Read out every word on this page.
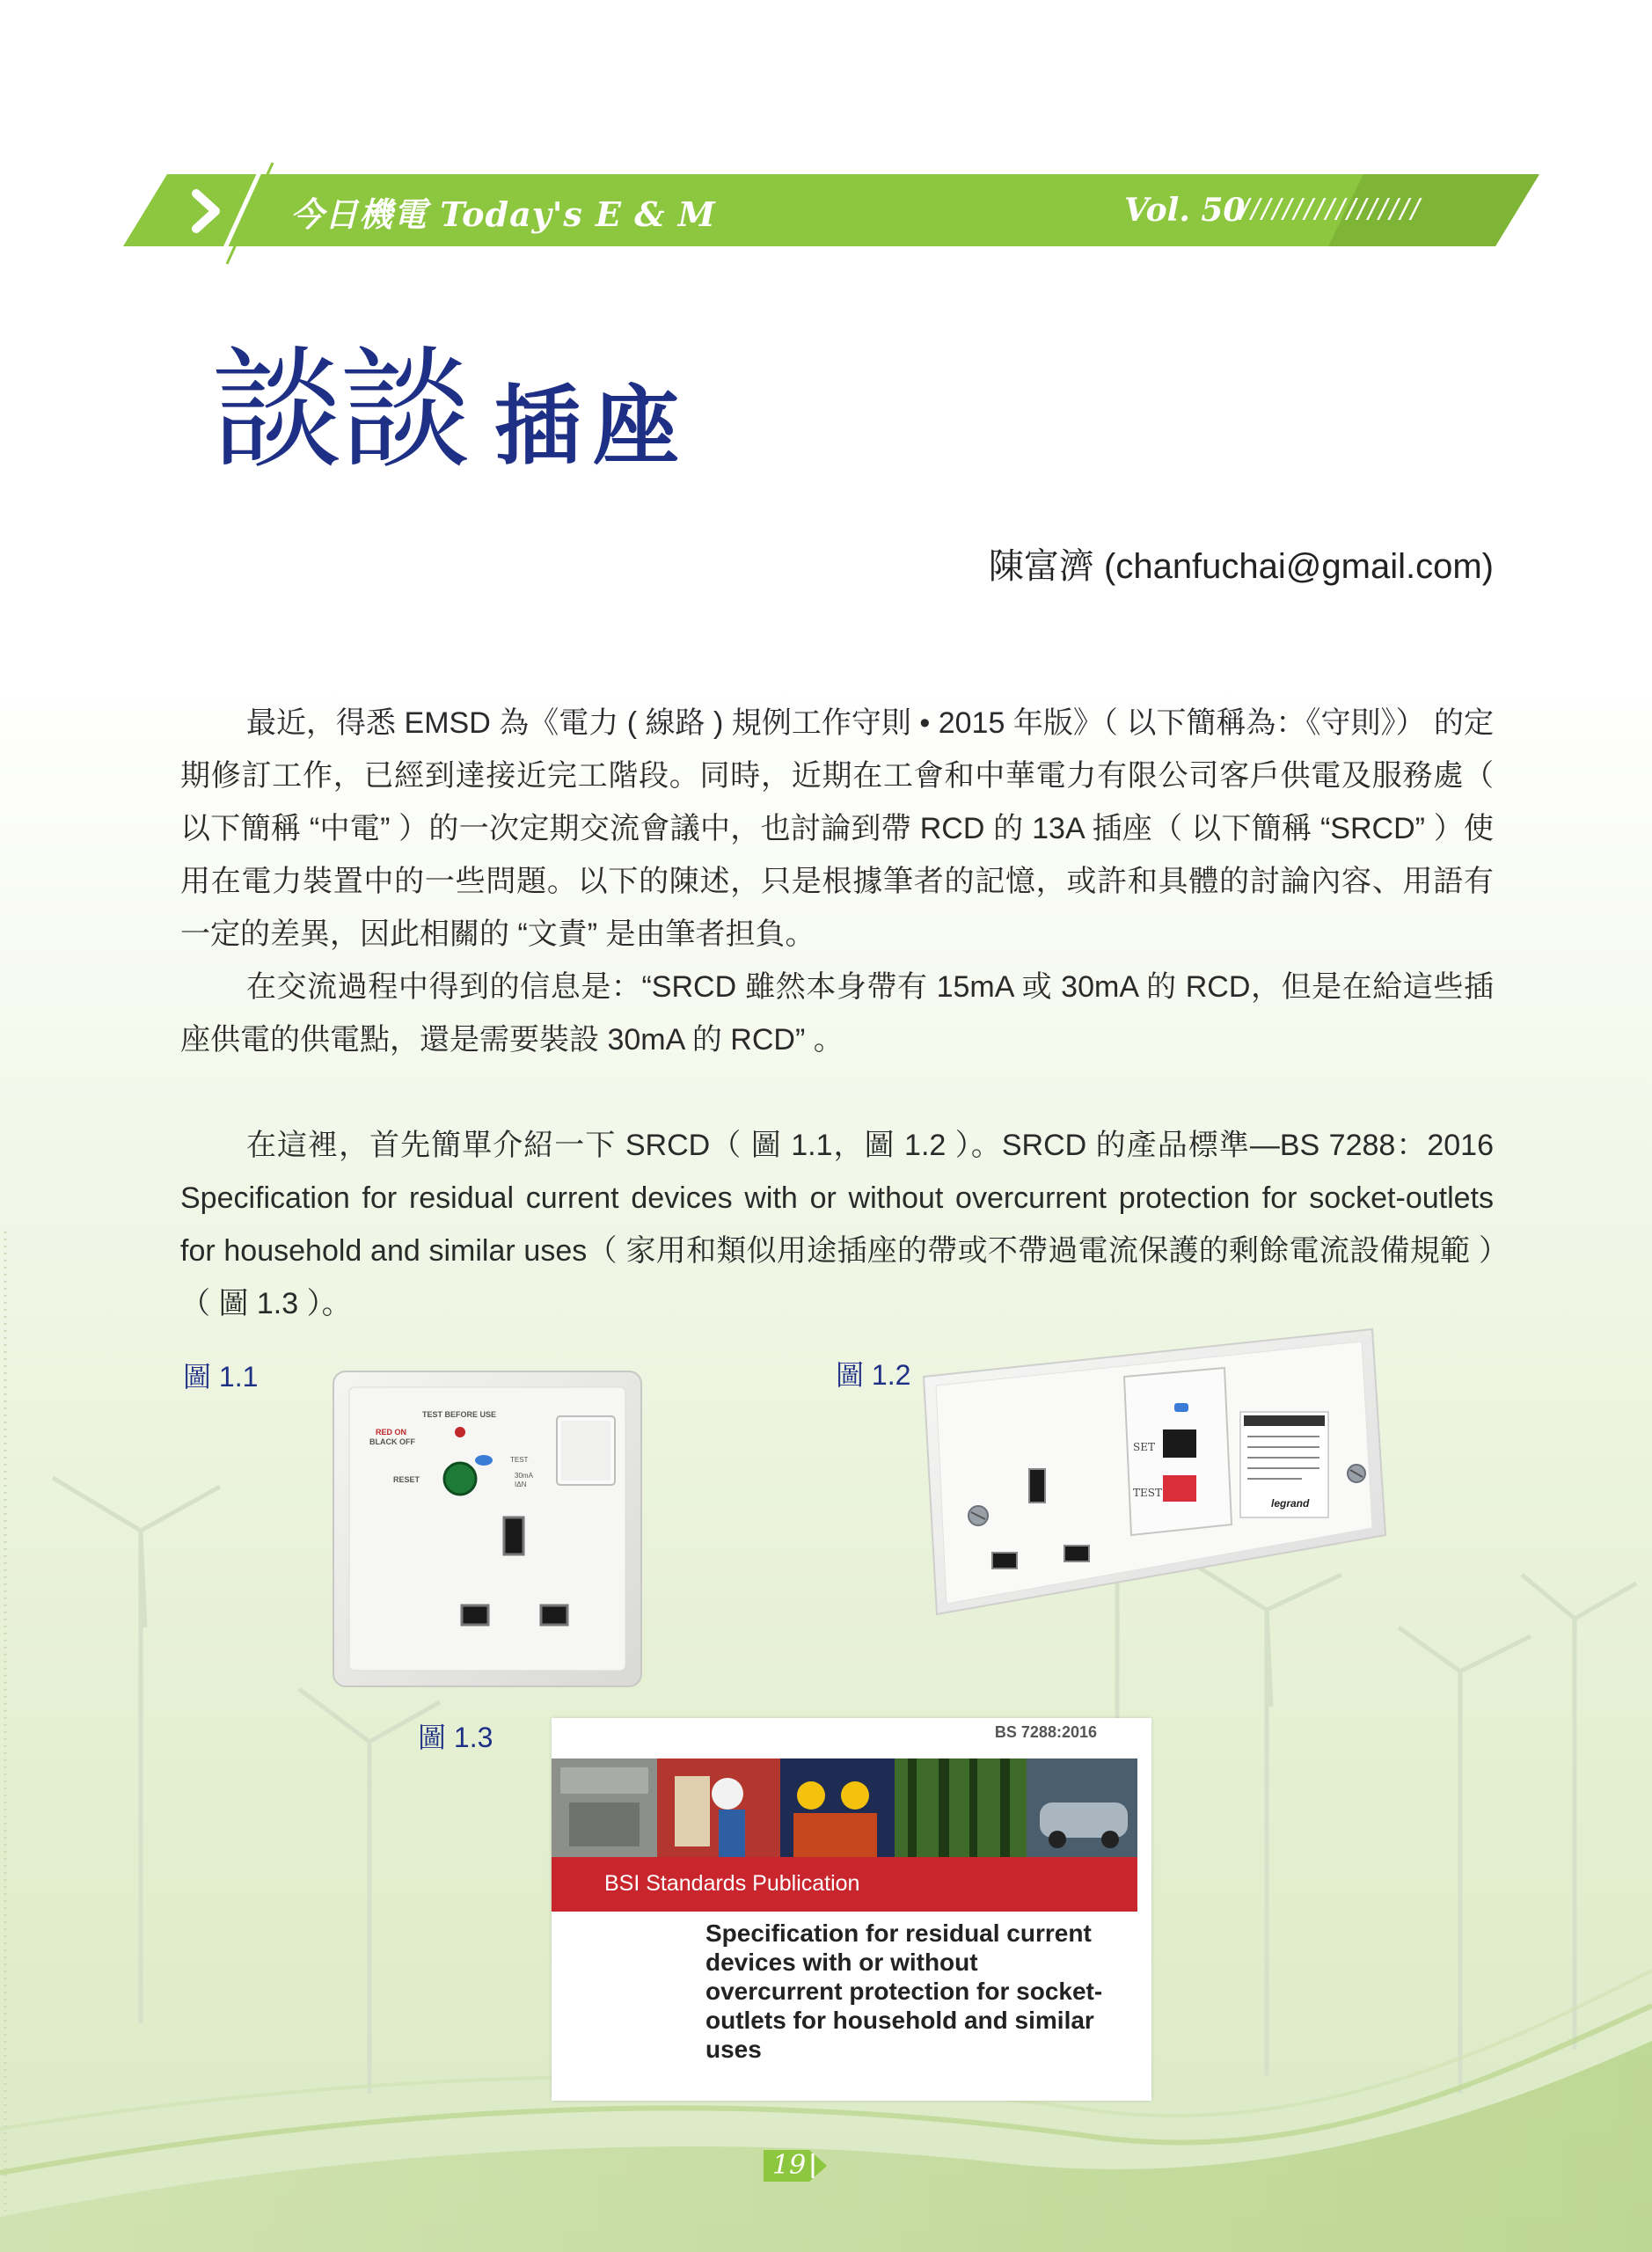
今日機電 Today's E & M	Vol. 50
/////////////////
談談 插座
陳富濟 (chanfuchai@gmail.com)

最近，得悉 EMSD 為《電力 ( 線路 ) 規例工作守則 • 2015 年版》（ 以下簡稱為：《守則》） 的定期修訂工作，已經到達接近完工階段。同時，近期在工會和中華電力有限公司客戶供電及服務處（ 以下簡稱 “中電” ）的一次定期交流會議中，也討論到帶 RCD 的 13A 插座（ 以下簡稱 “SRCD” ）使用在電力裝置中的一些問題。以下的陳述，只是根據筆者的記憶，或許和具體的討論內容、用語有一定的差異，因此相關的 “文責” 是由筆者担負。

在交流過程中得到的信息是：“SRCD 雖然本身帶有 15mA 或 30mA 的 RCD，但是在給這些插座供電的供電點，還是需要裝設 30mA 的 RCD” 。

在這裡，首先簡單介紹一下 SRCD（ 圖 1.1，圖 1.2 ）。SRCD 的產品標準—BS 7288：2016 Specification for residual current devices with or without overcurrent protection for socket-outlets for household and similar uses（ 家用和類似用途插座的帶或不帶過電流保護的剩餘電流設備規範 ）（ 圖 1.3 ）。

圖 1.1	圖 1.2
圖 1.3
TEST BEFORE USE
RED ON
BLACK OFF
TEST
30mA
IΔN
RESET
SET
TEST
legrand
BS 7288:2016
BSI Standards Publication
Specification for residual current devices with or without overcurrent protection for socket-outlets for household and similar uses
19
